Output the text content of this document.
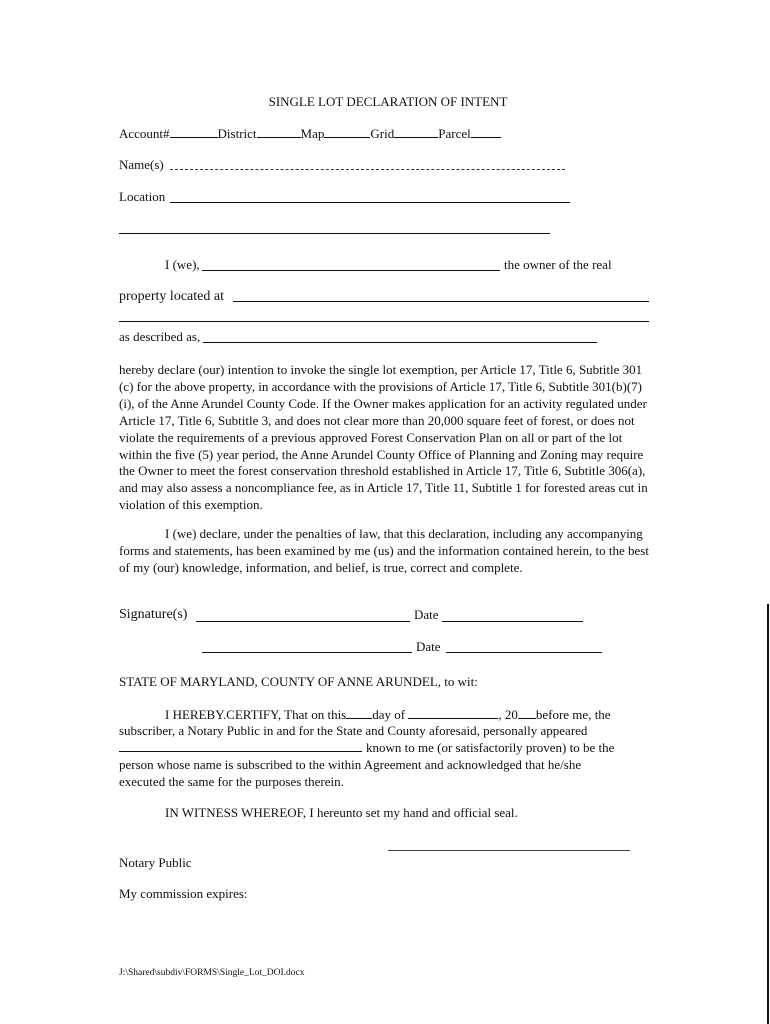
SINGLE LOT DECLARATION OF INTENT
Account#	District	Map	Grid	Parcel
Name(s)
Location
I (we),	the owner of the real
property located at
as described as,
hereby declare (our) intention to invoke the single lot exemption, per Article 17, Title 6, Subtitle 301 (c) for the above property, in accordance with the provisions of Article 17, Title 6, Subtitle 301(b)(7)(i), of the Anne Arundel County Code. If the Owner makes application for an activity regulated under Article 17, Title 6, Subtitle 3, and does not clear more than 20,000 square feet of forest, or does not violate the requirements of a previous approved Forest Conservation Plan on all or part of the lot within the five (5) year period, the Anne Arundel County Office of Planning and Zoning may require the Owner to meet the forest conservation threshold established in Article 17, Title 6, Subtitle 306(a), and may also assess a noncompliance fee, as in Article 17, Title 11, Subtitle 1 for forested areas cut in violation of this exemption.
I (we) declare, under the penalties of law, that this declaration, including any accompanying forms and statements, has been examined by me (us) and the information contained herein, to the best of my (our) knowledge, information, and belief, is true, correct and complete.
Signature(s)	Date
Date
STATE OF MARYLAND, COUNTY OF ANNE ARUNDEL, to wit:
I HEREBY.CERTIFY, That on this day of	, 20 before me, the
subscriber, a Notary Public in and for the State and County aforesaid, personally appeared
known to me (or satisfactorily proven) to be the
person whose name is subscribed to the within Agreement and acknowledged that he/she
executed the same for the purposes therein.
IN WITNESS WHEREOF, I hereunto set my hand and official seal.
Notary Public
My commission expires:
J:\Shared\subdiv\FORMS\Single_Lot_DOI.docx
